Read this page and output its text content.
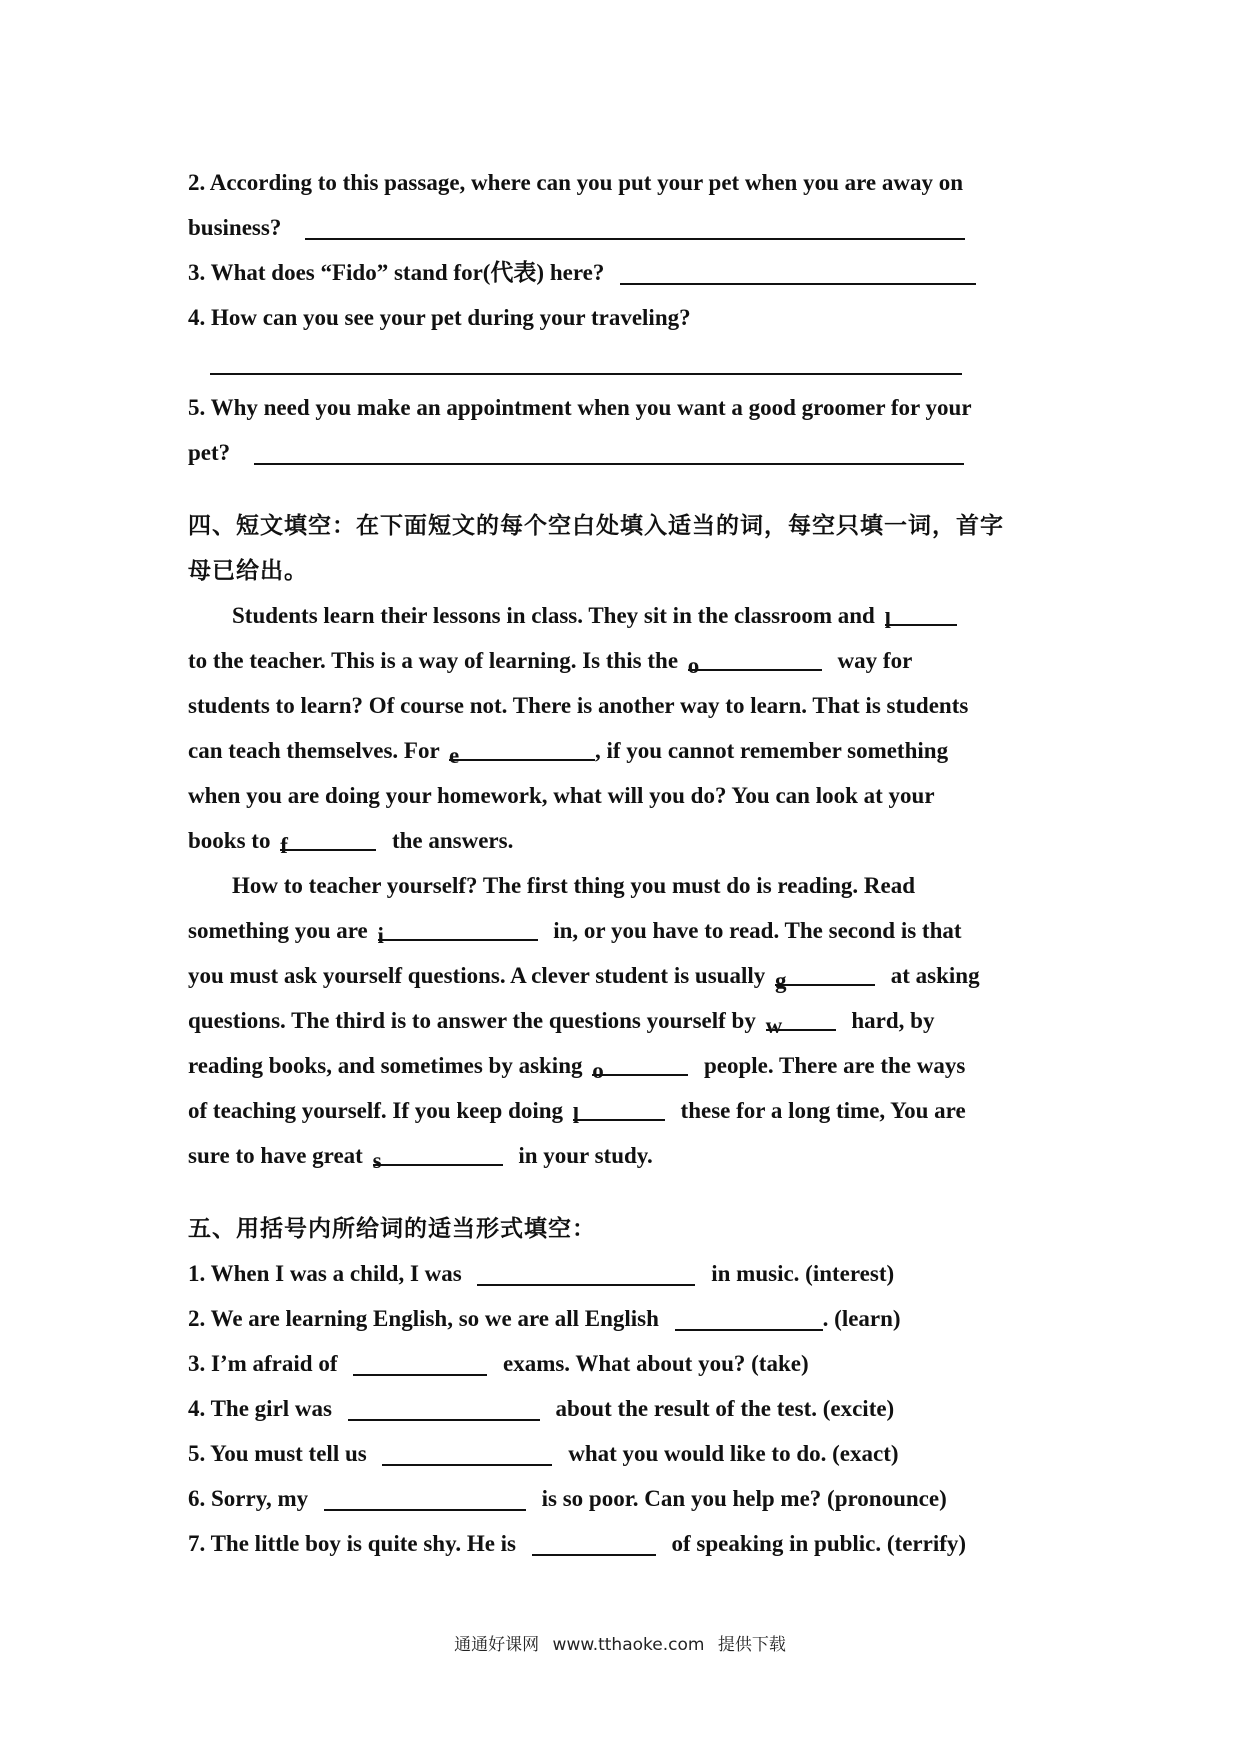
2. According to this passage, where can you put your pet when you are away on
business?
3. What does “Fido” stand for(代表) here?
4. How can you see your pet during your traveling?
5. Why need you make an appointment when you want a good groomer for your
pet?
四、短文填空：在下面短文的每个空白处填入适当的词，每空只填一词，首字
母已给出。
Students learn their lessons in class. They sit in the classroom and l
to the teacher. This is a way of learning. Is this the o	way for
students to learn? Of course not. There is another way to learn. That is students
can teach themselves. For e	, if you cannot remember something
when you are doing your homework, what will you do? You can look at your
books to f	the answers.
How to teacher yourself? The first thing you must do is reading. Read
something you are i	in, or you have to read. The second is that
you must ask yourself questions. A clever student is usually g	at asking
questions. The third is to answer the questions yourself by w	hard, by
reading books, and sometimes by asking o	people. There are the ways
of teaching yourself. If you keep doing l	these for a long time, You are
sure to have great s	in your study.
五、用括号内所给词的适当形式填空：
1. When I was a child, I was	in music. (interest)
2. We are learning English, so we are all English	. (learn)
3. I’m afraid of	exams. What about you? (take)
4. The girl was	about the result of the test. (excite)
5. You must tell us	what you would like to do. (exact)
6. Sorry, my	is so poor. Can you help me? (pronounce)
7. The little boy is quite shy. He is	of speaking in public. (terrify)
通通好课网 www.tthaoke.com 提供下载
